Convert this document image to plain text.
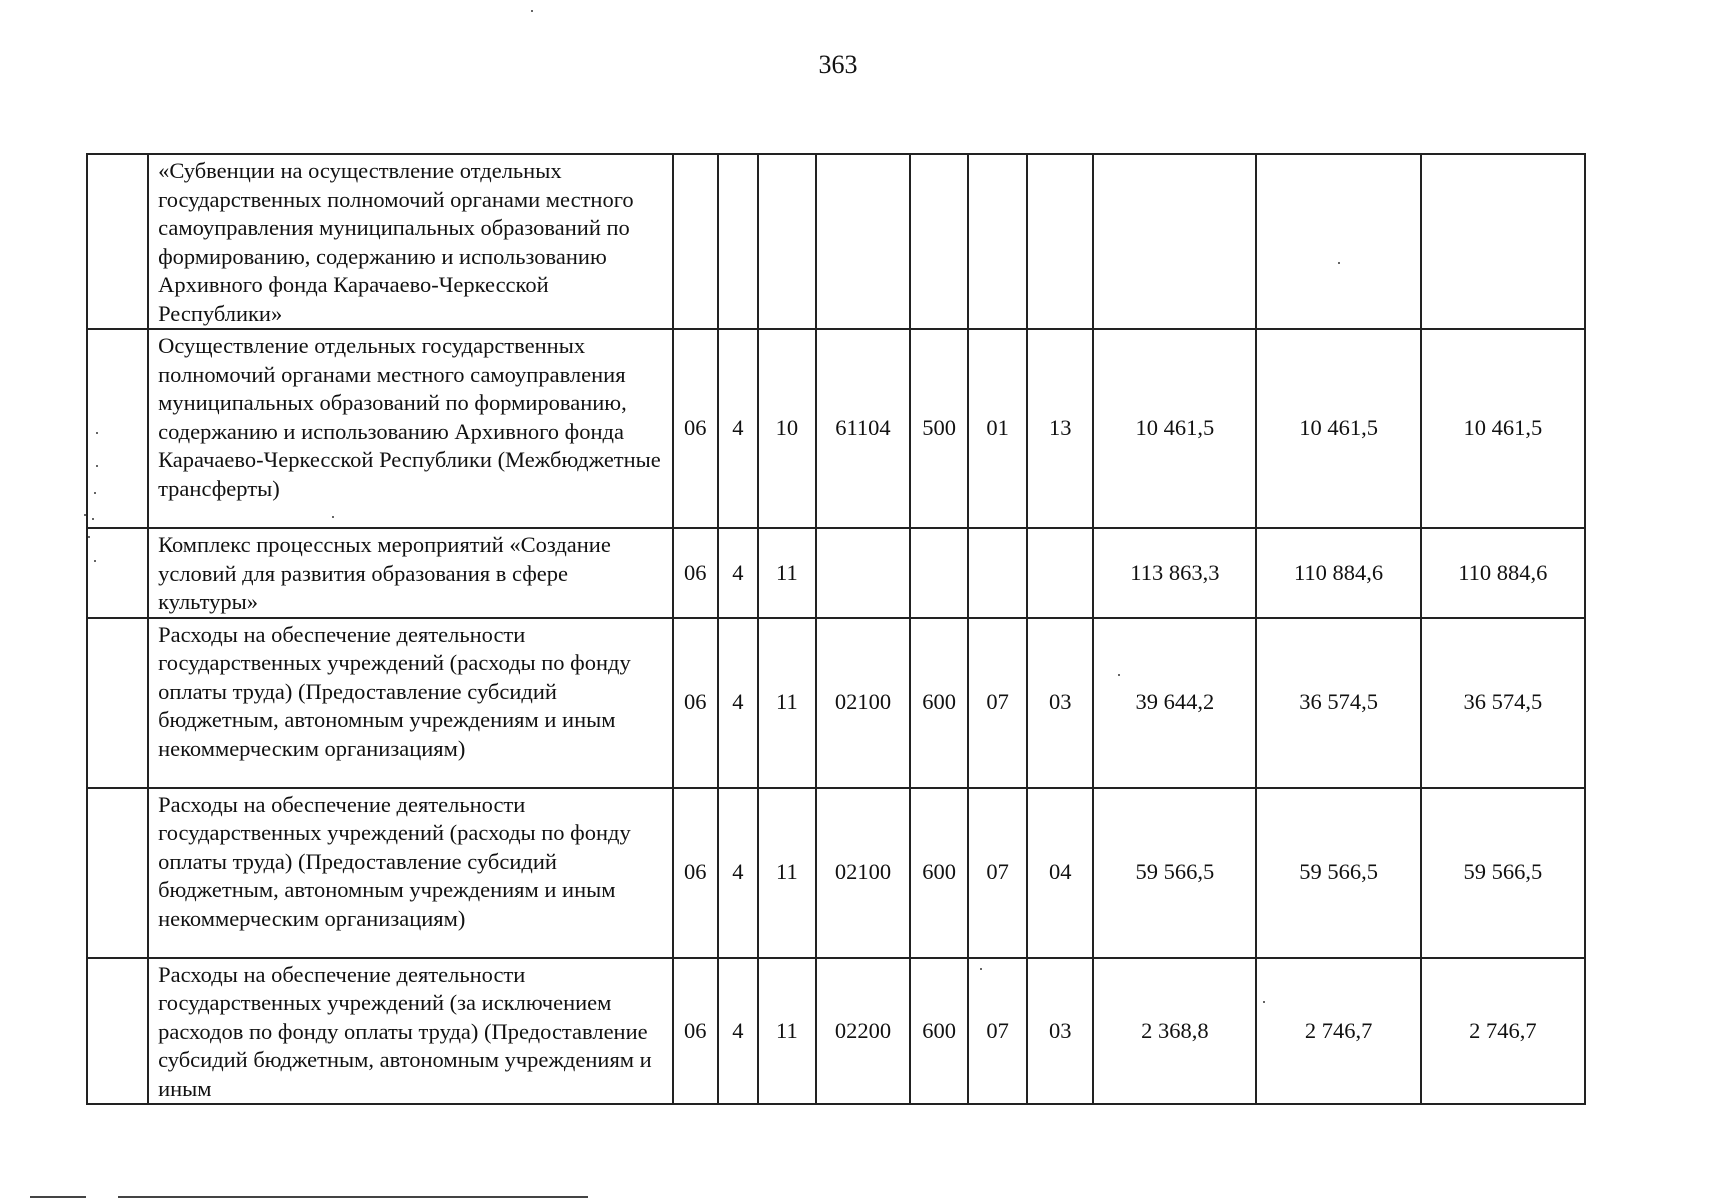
363
	«Субвенции на осуществление отдельных государственных полномочий органами местного самоуправления муниципальных образований по формированию, содержанию и использованию Архивного фонда Карачаево-Черкесской Республики»										
	Осуществление отдельных государственных полномочий органами местного самоуправления муниципальных образований по формированию, содержанию и использованию Архивного фонда Карачаево-Черкесской Республики (Межбюджетные трансферты)	06	4	10	61104	500	01	13	10 461,5	10 461,5	10 461,5
	Комплекс процессных мероприятий «Создание условий для развития образования в сфере культуры»	06	4	11					113 863,3	110 884,6	110 884,6
	Расходы на обеспечение деятельности государственных учреждений (расходы по фонду оплаты труда) (Предоставление субсидий бюджетным, автономным учреждениям и иным некоммерческим организациям)	06	4	11	02100	600	07	03	39 644,2	36 574,5	36 574,5
	Расходы на обеспечение деятельности государственных учреждений (расходы по фонду оплаты труда) (Предоставление субсидий бюджетным, автономным учреждениям и иным некоммерческим организациям)	06	4	11	02100	600	07	04	59 566,5	59 566,5	59 566,5
	Расходы на обеспечение деятельности государственных учреждений (за исключением расходов по фонду оплаты труда) (Предоставление субсидий бюджетным, автономным учреждениям и иным	06	4	11	02200	600	07	03	2 368,8	2 746,7	2 746,7
